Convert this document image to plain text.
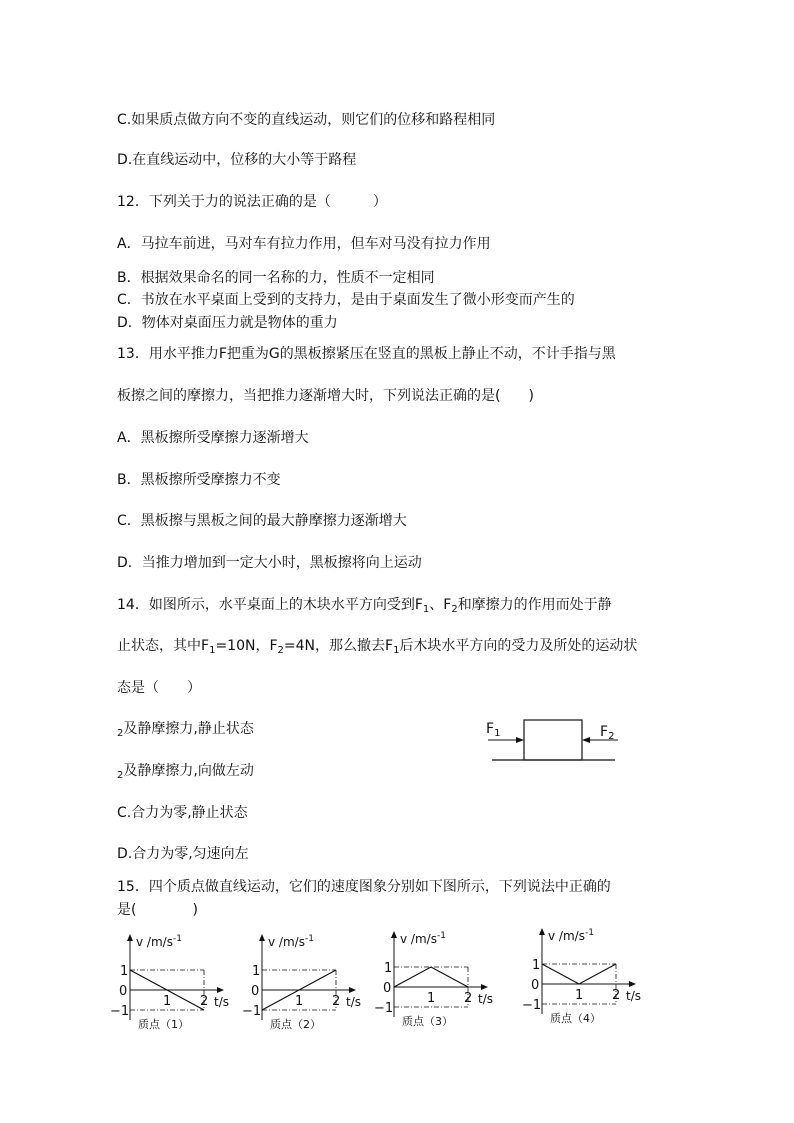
C.如果质点做方向不变的直线运动，则它们的位移和路程相同
D.在直线运动中，位移的大小等于路程
12．下列关于力的说法正确的是（　　　）
A．马拉车前进，马对车有拉力作用，但车对马没有拉力作用
B．根据效果命名的同一名称的力，性质不一定相同
C．书放在水平桌面上受到的支持力，是由于桌面发生了微小形变而产生的
D．物体对桌面压力就是物体的重力
13．用水平推力F把重为G的黑板擦紧压在竖直的黑板上静止不动，不计手指与黑
板擦之间的摩擦力，当把推力逐渐增大时，下列说法正确的是(　　)
A．黑板擦所受摩擦力逐渐增大
B．黑板擦所受摩擦力不变
C．黑板擦与黑板之间的最大静摩擦力逐渐增大
D．当推力增加到一定大小时，黑板擦将向上运动
14．如图所示，水平桌面上的木块水平方向受到$F_1$、$F_2$和摩擦力的作用而处于静
止状态，其中$F_1=10N$，$F_2=4N$，那么撤去$F_1$后木块水平方向的受力及所处的运动状
态是（　　）
$_2$及静摩擦力,静止状态
$_2$及静摩擦力,向做左动
C.合力为零,静止状态
D.合力为零,匀速向左
$F_1$	$F_2$
15．四个质点做直线运动，它们的速度图象分别如下图所示，下列说法中正确的
是(　　　　)
1
0
−1
1 2
v $/m/s^{-1}$
t/s
质点（1）
1
0
−1
1 2
v $/m/s^{-1}$
t/s
质点（2）
1
0
−1
1 2
v $/m/s^{-1}$
t/s
质点（3）
1
0
−1
1 2
v $/m/s^{-1}$
t/s
质点（4）
